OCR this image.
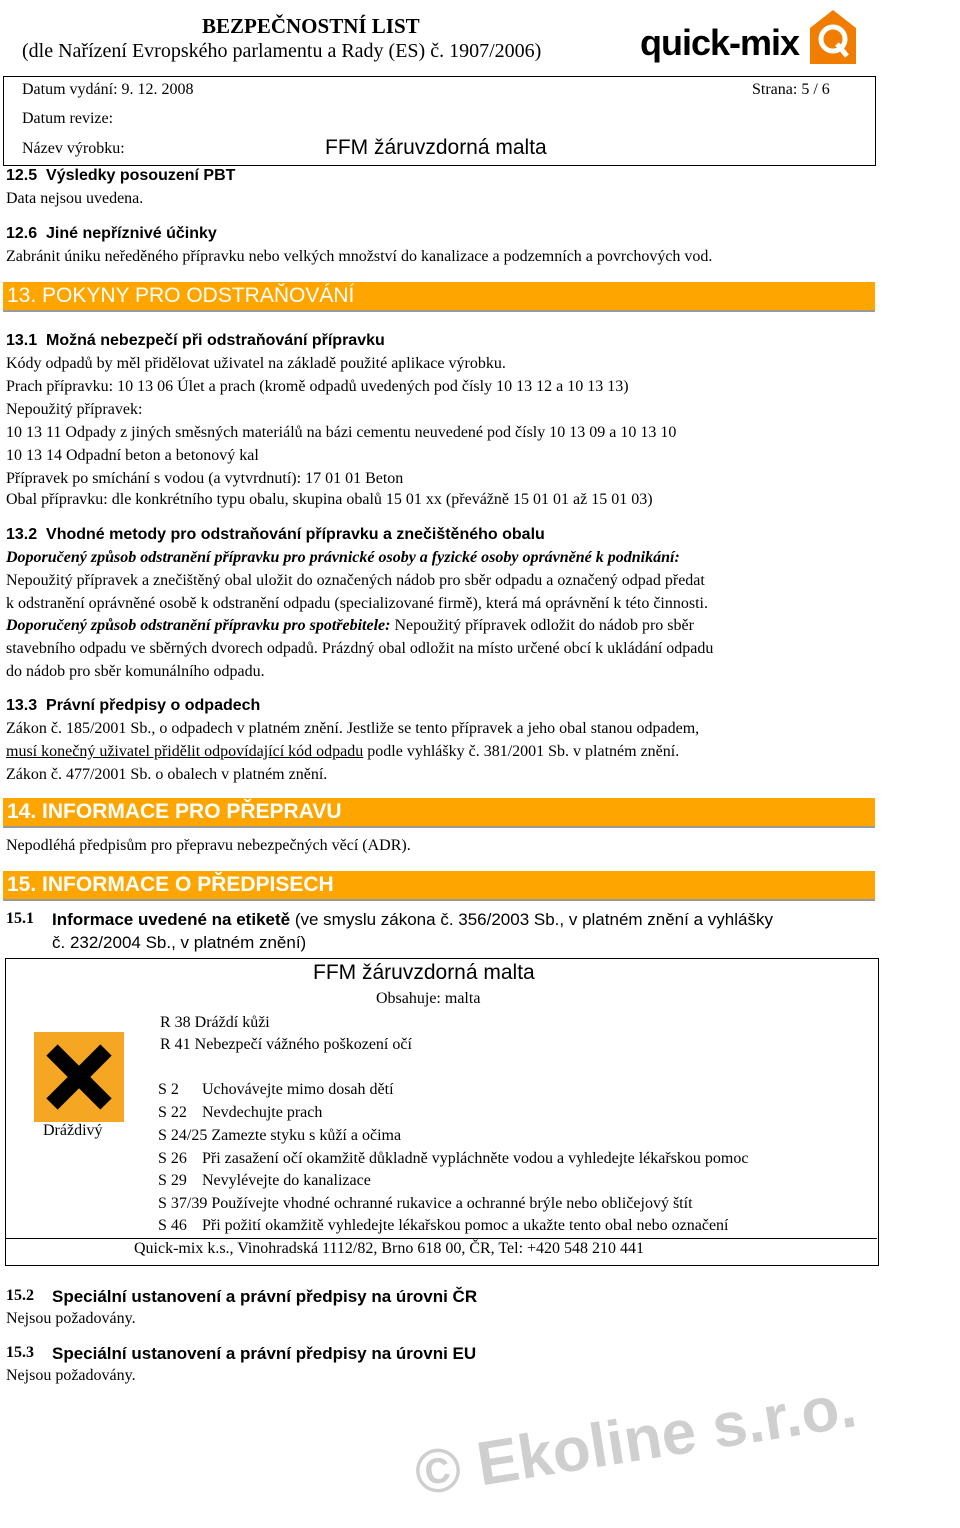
BEZPEČNOSTNÍ LIST
(dle Nařízení Evropského parlamentu a Rady (ES) č. 1907/2006)	quick-mix
Datum vydání: 9. 12. 2008	Strana: 5 / 6
Datum revize:
Název výrobku:	FFM žáruvzdorná malta
12.5 Výsledky posouzení PBT
Data nejsou uvedena.
12.6 Jiné nepříznivé účinky
Zabránit úniku neředěného přípravku nebo velkých množství do kanalizace a podzemních a povrchových vod.
13. POKYNY PRO ODSTRAŇOVÁNÍ
13.1 Možná nebezpečí při odstraňování přípravku
Kódy odpadů by měl přidělovat uživatel na základě použité aplikace výrobku.
Prach přípravku: 10 13 06 Úlet a prach (kromě odpadů uvedených pod čísly 10 13 12 a 10 13 13)
Nepoužitý přípravek:
10 13 11 Odpady z jiných směsných materiálů na bázi cementu neuvedené pod čísly 10 13 09 a 10 13 10
10 13 14 Odpadní beton a betonový kal
Přípravek po smíchání s vodou (a vytvrdnutí): 17 01 01 Beton
Obal přípravku: dle konkrétního typu obalu, skupina obalů 15 01 xx (převážně 15 01 01 až 15 01 03)
13.2 Vhodné metody pro odstraňování přípravku a znečištěného obalu
Doporučený způsob odstranění přípravku pro právnické osoby a fyzické osoby oprávněné k podnikání:
Nepoužitý přípravek a znečištěný obal uložit do označených nádob pro sběr odpadu a označený odpad předat
k odstranění oprávněné osobě k odstranění odpadu (specializované firmě), která má oprávnění k této činnosti.
Doporučený způsob odstranění přípravku pro spotřebitele: Nepoužitý přípravek odložit do nádob pro sběr
stavebního odpadu ve sběrných dvorech odpadů. Prázdný obal odložit na místo určené obcí k ukládání odpadu
do nádob pro sběr komunálního odpadu.
13.3 Právní předpisy o odpadech
Zákon č. 185/2001 Sb., o odpadech v platném znění. Jestliže se tento přípravek a jeho obal stanou odpadem,
musí konečný uživatel přidělit odpovídající kód odpadu podle vyhlášky č. 381/2001 Sb. v platném znění.
Zákon č. 477/2001 Sb. o obalech v platném znění.
14. INFORMACE PRO PŘEPRAVU
Nepodléhá předpisům pro přepravu nebezpečných věcí (ADR).
15. INFORMACE O PŘEDPISECH
15.1 Informace uvedené na etiketě (ve smyslu zákona č. 356/2003 Sb., v platném znění a vyhlášky
č. 232/2004 Sb., v platném znění)
FFM žáruvzdorná malta
Obsahuje: malta
Dráždivý
R 38 Dráždí kůži
R 41 Nebezpečí vážného poškození očí
S 2 Uchovávejte mimo dosah dětí
S 22 Nevdechujte prach
S 24/25 Zamezte styku s kůží a očima
S 26 Při zasažení očí okamžitě důkladně vypláchněte vodou a vyhledejte lékařskou pomoc
S 29 Nevylévejte do kanalizace
S 37/39 Používejte vhodné ochranné rukavice a ochranné brýle nebo obličejový štít
S 46 Při požití okamžitě vyhledejte lékařskou pomoc a ukažte tento obal nebo označení
Quick-mix k.s., Vinohradská 1112/82, Brno 618 00, ČR, Tel: +420 548 210 441
15.2 Speciální ustanovení a právní předpisy na úrovni ČR
Nejsou požadovány.
15.3 Speciální ustanovení a právní předpisy na úrovni EU
Nejsou požadovány.	© Ekoline s.r.o.
